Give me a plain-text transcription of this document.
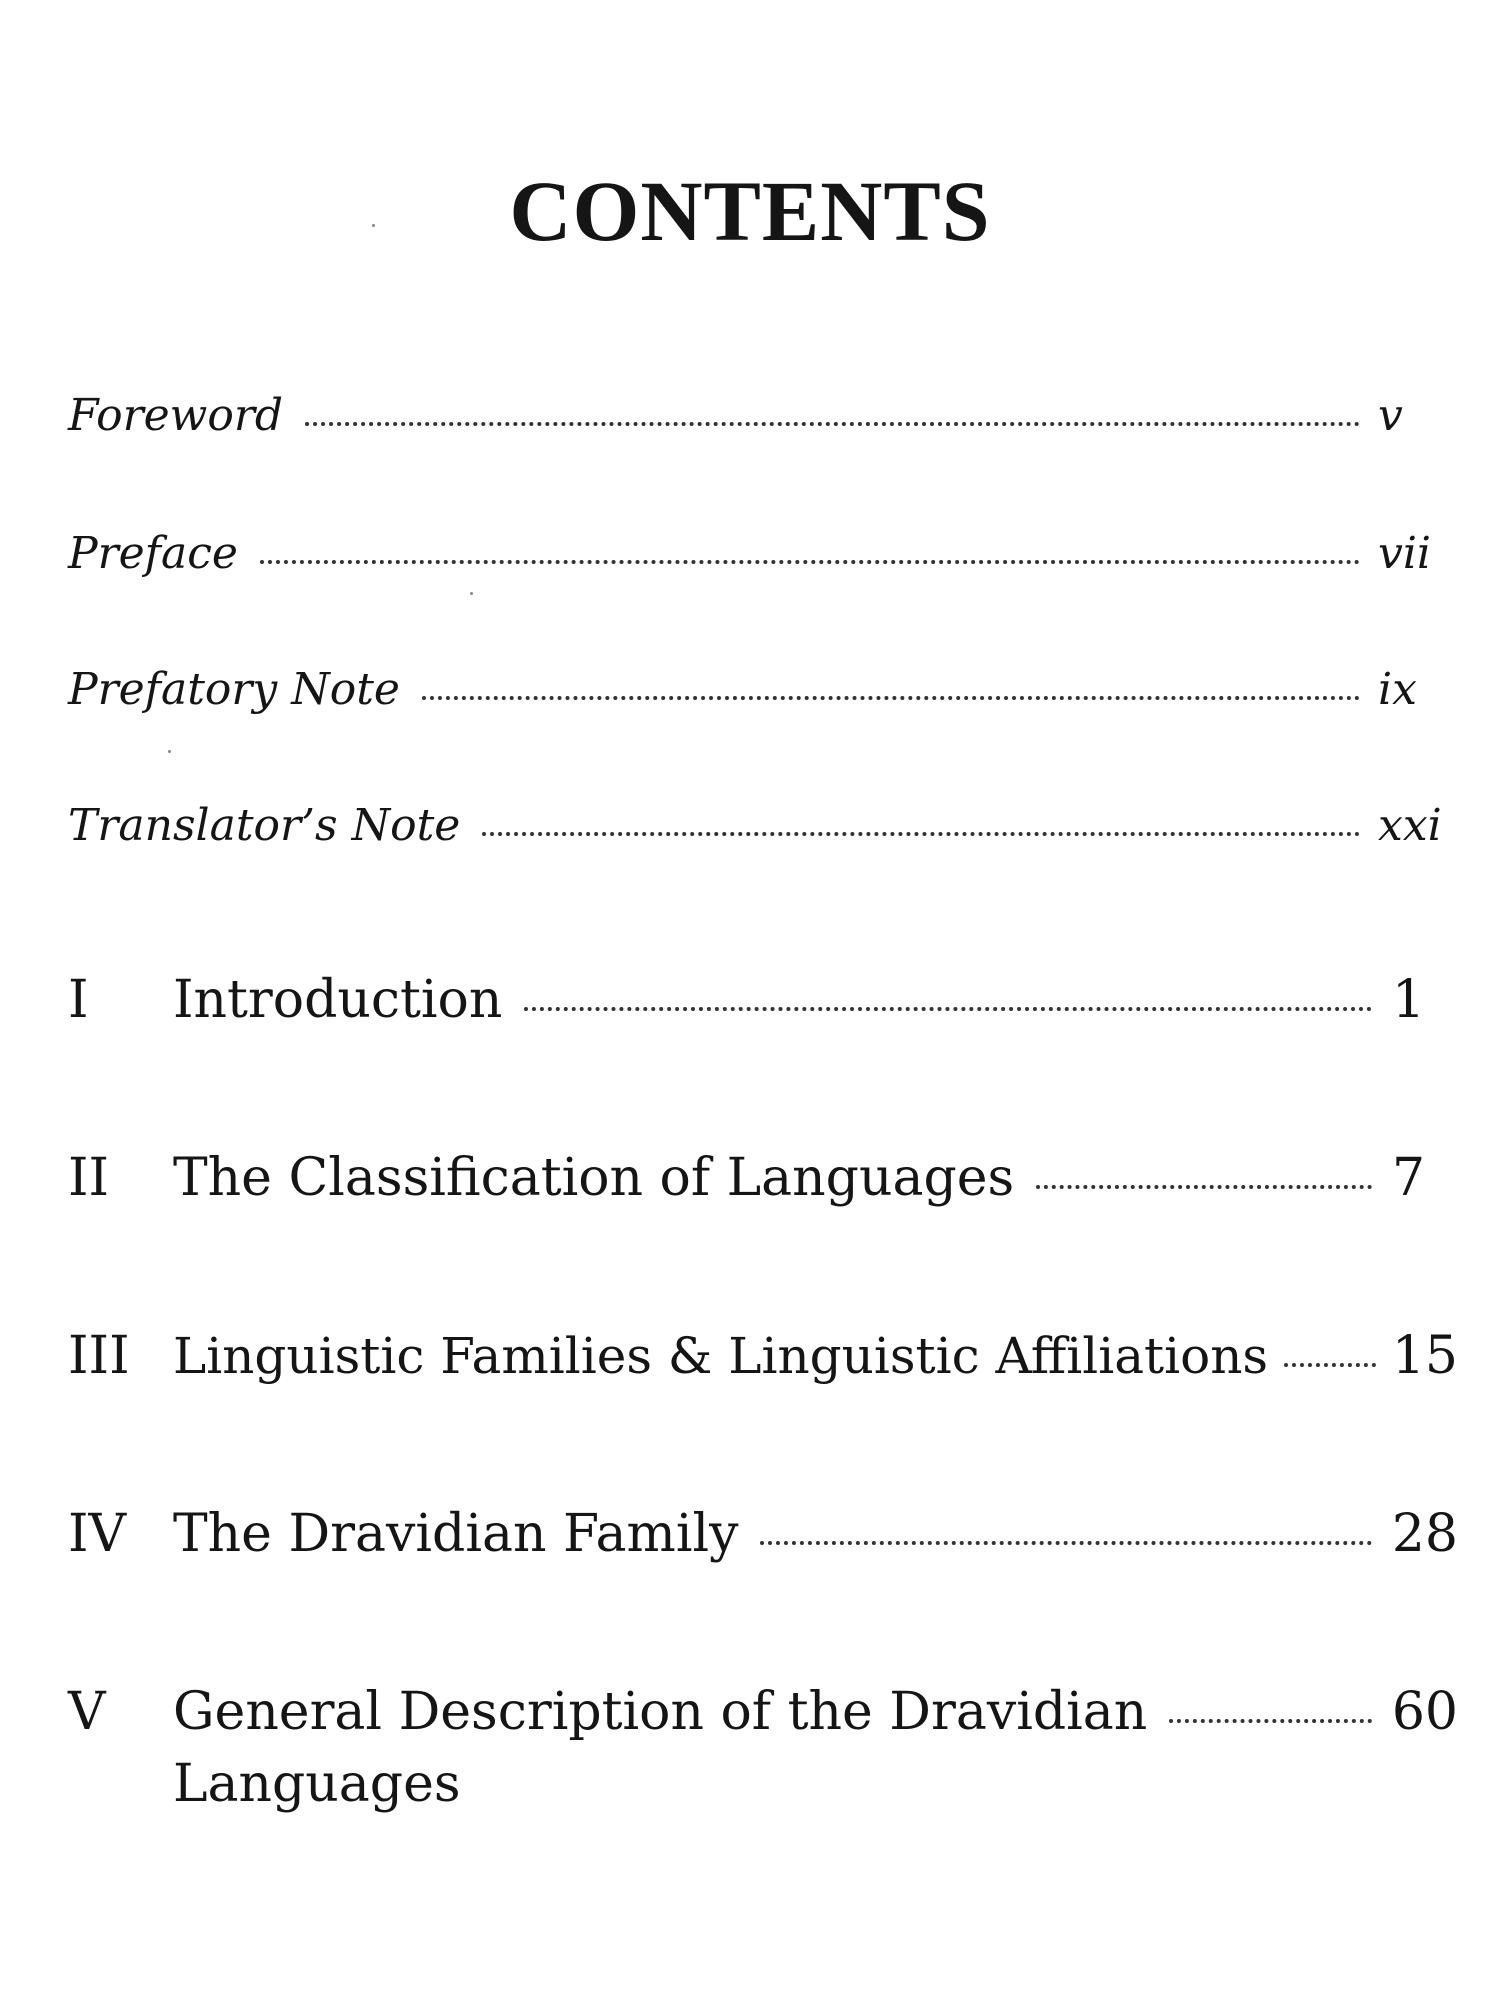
CONTENTS
Foreword	v
Preface	vii
Prefatory Note	ix
Translator’s Note	xxi
I	Introduction	1
II	The Classification of Languages	7
III Linguistic Families & Linguistic Affiliations 15
IV The Dravidian Family	28
V	General Description of the Dravidian	60
Languages
